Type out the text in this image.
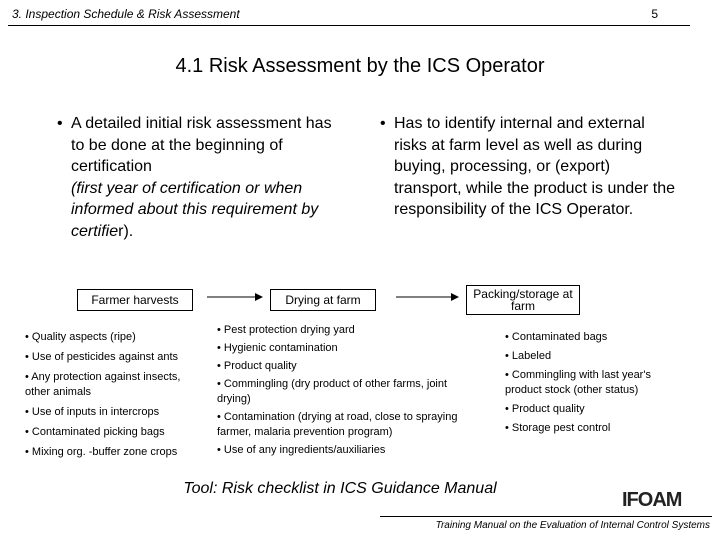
3. Inspection Schedule & Risk Assessment	5
4.1 Risk Assessment by the ICS Operator
• A detailed initial risk assessment has to be done at the beginning of certification
(first year of certification or when informed about this requirement by certifier).
• Has to identify internal and external risks at farm level as well as during buying, processing, or (export) transport, while the product is under the responsibility of the ICS Operator.
Farmer harvests	Drying at farm	Packing/storage at farm
• Quality aspects (ripe)
• Use of pesticides against ants
• Any protection against insects, other animals
• Use of inputs in intercrops
• Contaminated picking bags
• Mixing org. -buffer zone crops
• Pest protection drying yard
• Hygienic contamination
• Product quality
• Commingling (dry product of other farms, joint drying)
• Contamination (drying at road, close to spraying farmer, malaria prevention program)
• Use of any ingredients/auxiliaries
• Contaminated bags
• Labeled
• Commingling with last year's product stock (other status)
• Product quality
• Storage pest control
Tool: Risk checklist in ICS Guidance Manual
IFOAM
Training Manual on the Evaluation of Internal Control Systems
